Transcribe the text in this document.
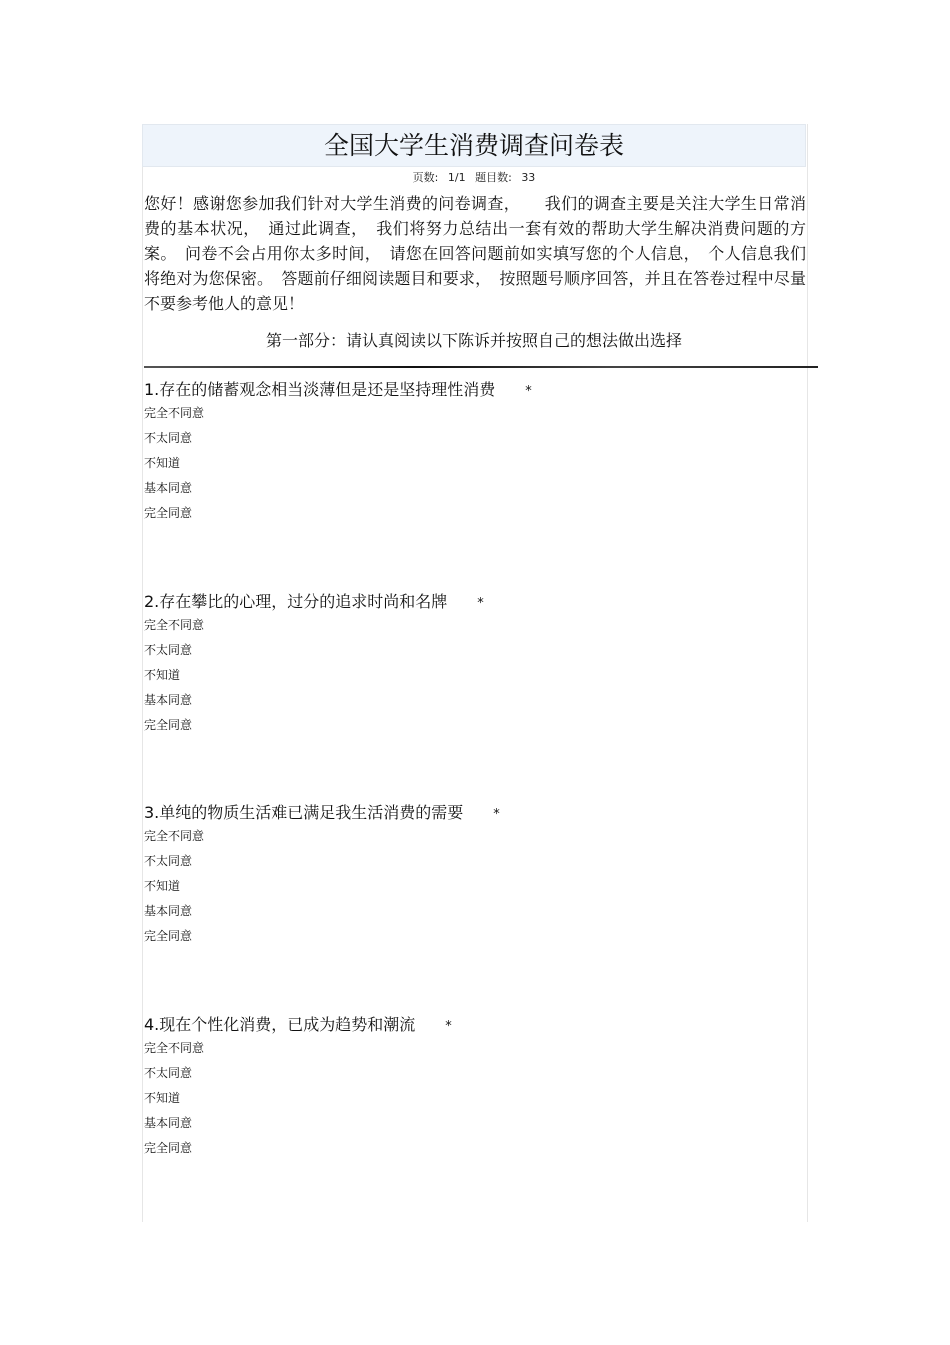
全国大学生消费调查问卷表
页数: 1/1 题目数: 33
您好！感谢您参加我们针对大学生消费的问卷调查，　　我们的调查主要是关注大学生日常消费的基本状况，　通过此调查，　我们将努力总结出一套有效的帮助大学生解决消费问题的方案。　问卷不会占用你太多时间，　请您在回答问题前如实填写您的个人信息，　个人信息我们将绝对为您保密。　答题前仔细阅读题目和要求，　按照题号顺序回答，并且在答卷过程中尽量不要参考他人的意见！
第一部分：请认真阅读以下陈诉并按照自己的想法做出选择
1.存在的储蓄观念相当淡薄但是还是坚持理性消费 *
完全不同意
不太同意
不知道
基本同意
完全同意
2.存在攀比的心理，过分的追求时尚和名牌 *
完全不同意
不太同意
不知道
基本同意
完全同意
3.单纯的物质生活难已满足我生活消费的需要 *
完全不同意
不太同意
不知道
基本同意
完全同意
4.现在个性化消费，已成为趋势和潮流 *
完全不同意
不太同意
不知道
基本同意
完全同意
